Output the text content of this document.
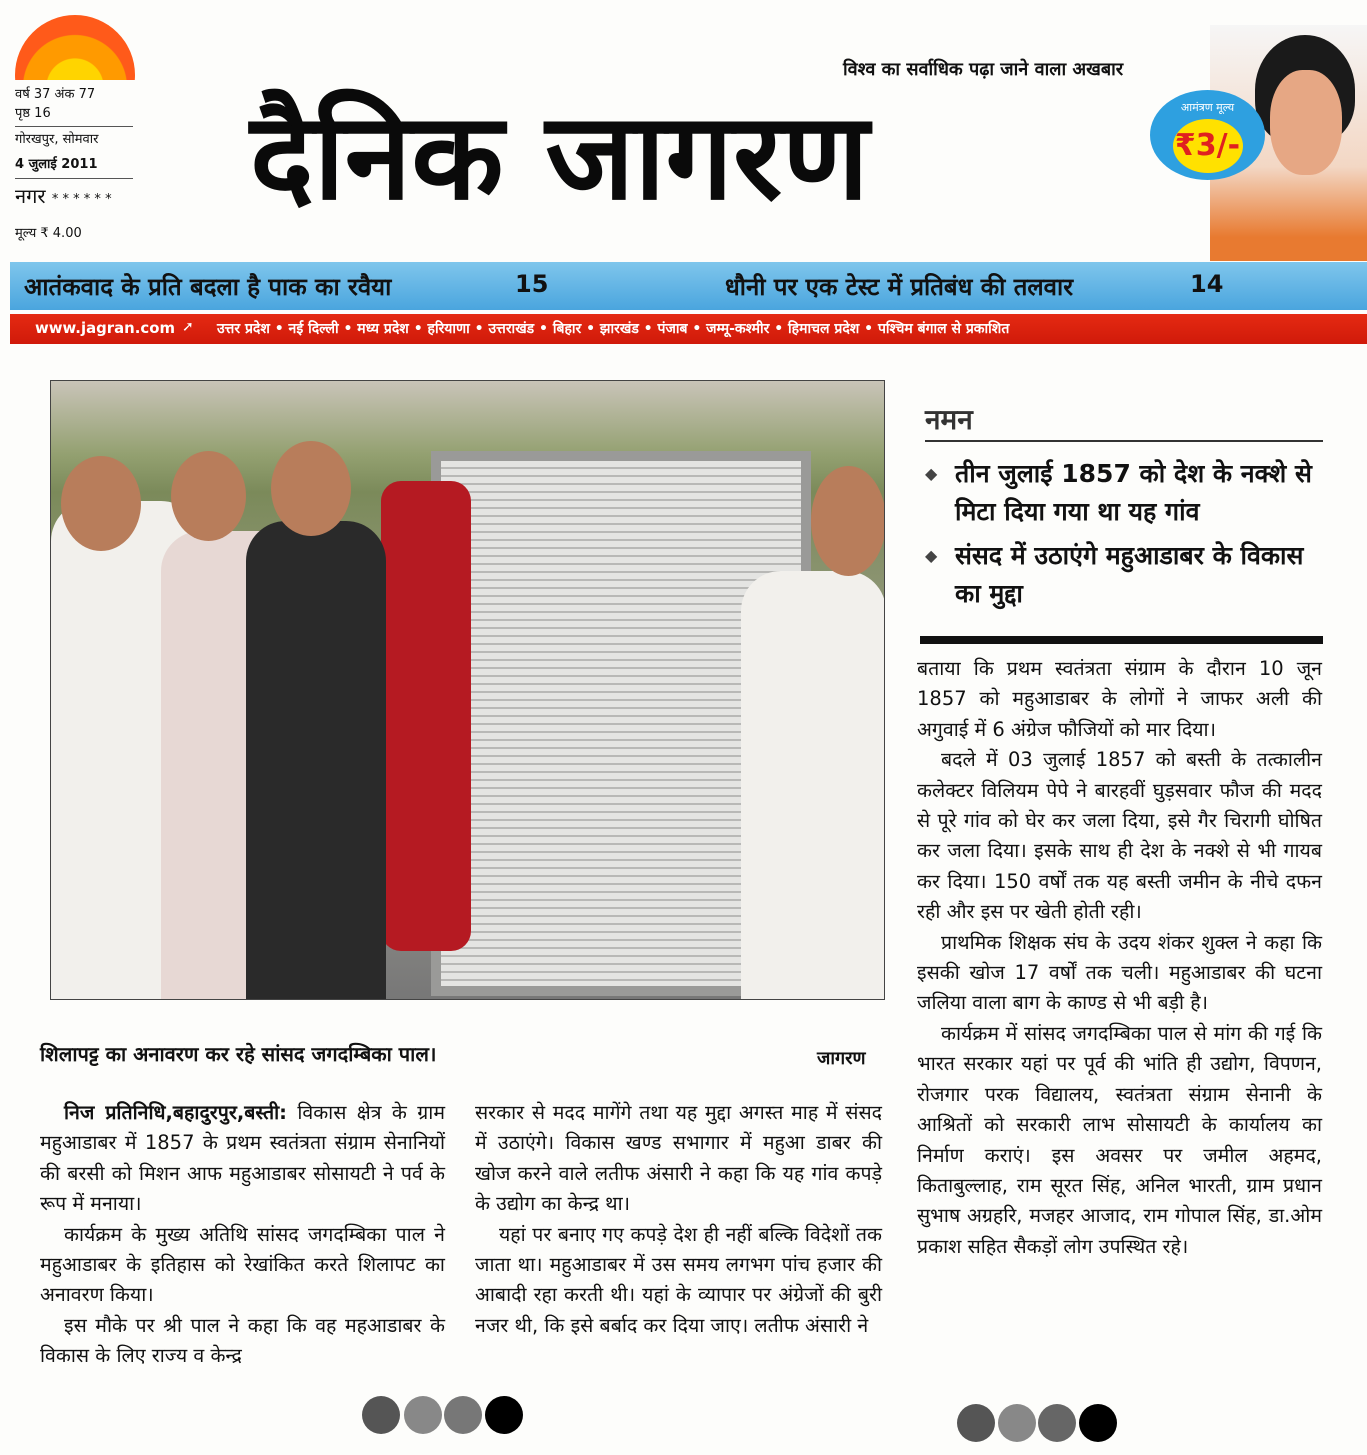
वर्ष 37 अंक 77
पृष्ठ 16
गोरखपुर, सोमवार
4 जुलाई 2011
नगर * * * * * *
मूल्य ₹ 4.00
दैनिक जागरण
विश्व का सर्वाधिक पढ़ा जाने वाला अखबार
आमंत्रण मूल्य
₹3/-
आतंकवाद के प्रति बदला है पाक का रवैया	15	धौनी पर एक टेस्ट में प्रतिबंध की तलवार	14
www.jagran.com ➚ उत्तर प्रदेश • नई दिल्ली • मध्य प्रदेश • हरियाणा • उत्तराखंड • बिहार • झारखंड • पंजाब • जम्मू-कश्मीर • हिमाचल प्रदेश • पश्चिम बंगाल से प्रकाशित
शिलापट्ट का अनावरण कर रहे सांसद जगदम्बिका पाल।	जागरण
नमन
◆ तीन जुलाई 1857 को देश के नक्शे से मिटा दिया गया था यह गांव
◆ संसद में उठाएंगे महुआडाबर के विकास का मुद्दा

निज प्रतिनिधि,बहादुरपुर,बस्ती: विकास क्षेत्र के ग्राम महुआडाबर में 1857 के प्रथम स्वतंत्रता संग्राम सेनानियों की बरसी को मिशन आफ महुआडाबर सोसायटी ने पर्व के रूप में मनाया।

कार्यक्रम के मुख्य अतिथि सांसद जगदम्बिका पाल ने महुआडाबर के इतिहास को रेखांकित करते शिलापट का अनावरण किया।

इस मौके पर श्री पाल ने कहा कि वह महआडाबर के विकास के लिए राज्य व केन्द्र

सरकार से मदद मागेंगे तथा यह मुद्दा अगस्त माह में संसद में उठाएंगे। विकास खण्ड सभागार में महुआ डाबर की खोज करने वाले लतीफ अंसारी ने कहा कि यह गांव कपड़े के उद्योग का केन्द्र था।

यहां पर बनाए गए कपड़े देश ही नहीं बल्कि विदेशों तक जाता था। महुआडाबर में उस समय लगभग पांच हजार की आबादी रहा करती थी। यहां के व्यापार पर अंग्रेजों की बुरी नजर थी, कि इसे बर्बाद कर दिया जाए। लतीफ अंसारी ने

बताया कि प्रथम स्वतंत्रता संग्राम के दौरान 10 जून 1857 को महुआडाबर के लोगों ने जाफर अली की अगुवाई में 6 अंग्रेज फौजियों को मार दिया।

बदले में 03 जुलाई 1857 को बस्ती के तत्कालीन कलेक्टर विलियम पेपे ने बारहवीं घुड़सवार फौज की मदद से पूरे गांव को घेर कर जला दिया, इसे गैर चिरागी घोषित कर जला दिया। इसके साथ ही देश के नक्शे से भी गायब कर दिया। 150 वर्षों तक यह बस्ती जमीन के नीचे दफन रही और इस पर खेती होती रही।

प्राथमिक शिक्षक संघ के उदय शंकर शुक्ल ने कहा कि इसकी खोज 17 वर्षों तक चली। महुआडाबर की घटना जलिया वाला बाग के काण्ड से भी बड़ी है।

कार्यक्रम में सांसद जगदम्बिका पाल से मांग की गई कि भारत सरकार यहां पर पूर्व की भांति ही उद्योग, विपणन, रोजगार परक विद्यालय, स्वतंत्रता संग्राम सेनानी के आश्रितों को सरकारी लाभ सोसायटी के कार्यालय का निर्माण कराएं। इस अवसर पर जमील अहमद, किताबुल्लाह, राम सूरत सिंह, अनिल भारती, ग्राम प्रधान सुभाष अग्रहरि, मजहर आजाद, राम गोपाल सिंह, डा.ओम प्रकाश सहित सैकड़ों लोग उपस्थित रहे।
